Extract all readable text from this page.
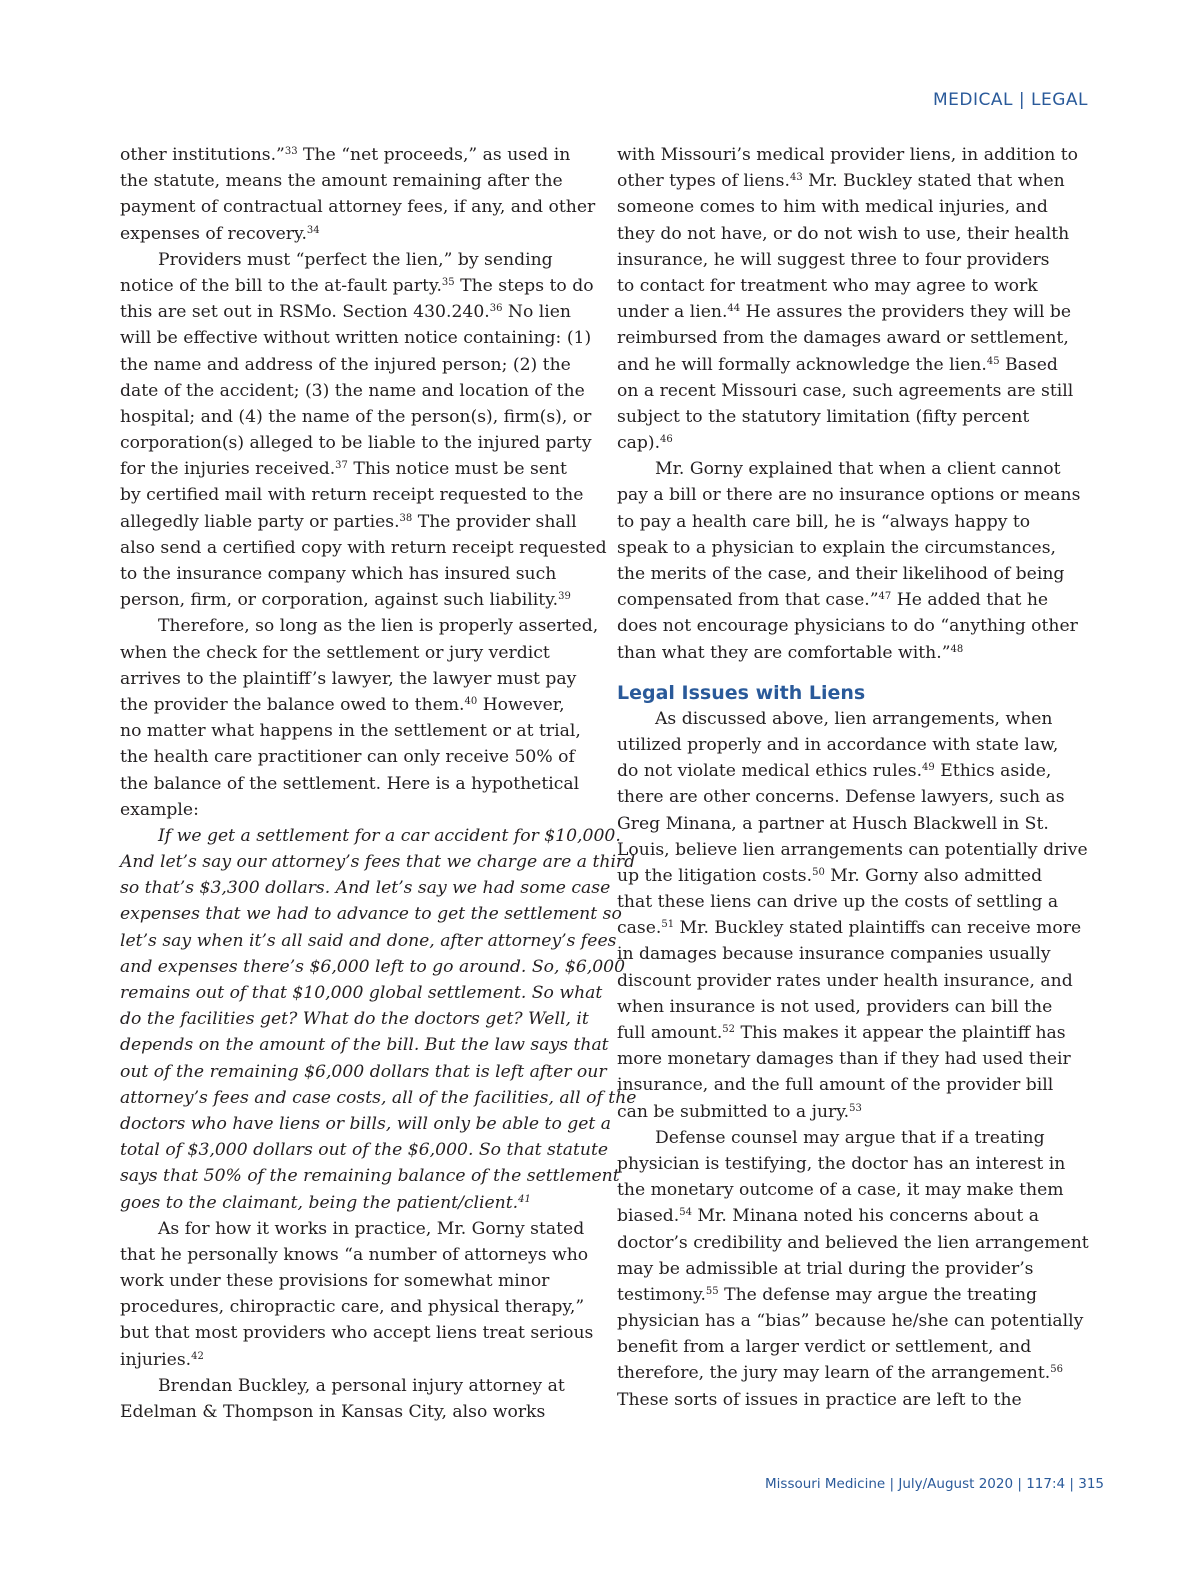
MEDICAL | LEGAL
other institutions.”$^{33}$ The “net proceeds,” as used in
the statute, means the amount remaining after the
payment of contractual attorney fees, if any, and other
expenses of recovery.$^{34}$
Providers must “perfect the lien,” by sending
notice of the bill to the at-fault party.$^{35}$ The steps to do
this are set out in RSMo. Section 430.240.36 No lien
will be effective without written notice containing: (1)
the name and address of the injured person; (2) the
date of the accident; (3) the name and location of the
hospital; and (4) the name of the person(s), firm(s), or
corporation(s) alleged to be liable to the injured party
for the injuries received.$^{37}$ This notice must be sent
by certified mail with return receipt requested to the
allegedly liable party or parties.$^{38}$ The provider shall
also send a certified copy with return receipt requested
to the insurance company which has insured such
person, firm, or corporation, against such liability.$^{39}$
Therefore, so long as the lien is properly asserted,
when the check for the settlement or jury verdict
arrives to the plaintiff’s lawyer, the lawyer must pay
the provider the balance owed to them.$^{40}$ However,
no matter what happens in the settlement or at trial,
the health care practitioner can only receive 50% of
the balance of the settlement. Here is a hypothetical
example:
If we get a settlement for a car accident for $10,000.
And let’s say our attorney’s fees that we charge are a third
so that’s $3,300 dollars. And let’s say we had some case
expenses that we had to advance to get the settlement so
let’s say when it’s all said and done, after attorney’s fees
and expenses there’s $6,000 left to go around. So, $6,000
remains out of that $10,000 global settlement. So what
do the facilities get? What do the doctors get? Well, it
depends on the amount of the bill. But the law says that
out of the remaining $6,000 dollars that is left after our
attorney’s fees and case costs, all of the facilities, all of the
doctors who have liens or bills, will only be able to get a
total of $3,000 dollars out of the $6,000. So that statute
says that 50% of the remaining balance of the settlement
goes to the claimant, being the patient/client.$^{41}$
As for how it works in practice, Mr. Gorny stated
that he personally knows “a number of attorneys who
work under these provisions for somewhat minor
procedures, chiropractic care, and physical therapy,”
but that most providers who accept liens treat serious
injuries.$^{42}$
Brendan Buckley, a personal injury attorney at
Edelman & Thompson in Kansas City, also works
with Missouri’s medical provider liens, in addition to
other types of liens.$^{43}$ Mr. Buckley stated that when
someone comes to him with medical injuries, and
they do not have, or do not wish to use, their health
insurance, he will suggest three to four providers
to contact for treatment who may agree to work
under a lien.$^{44}$ He assures the providers they will be
reimbursed from the damages award or settlement,
and he will formally acknowledge the lien.$^{45}$ Based
on a recent Missouri case, such agreements are still
subject to the statutory limitation (fifty percent
cap).$^{46}$
Mr. Gorny explained that when a client cannot
pay a bill or there are no insurance options or means
to pay a health care bill, he is “always happy to
speak to a physician to explain the circumstances,
the merits of the case, and their likelihood of being
compensated from that case.”$^{47}$ He added that he
does not encourage physicians to do “anything other
than what they are comfortable with.”$^{48}$
Legal Issues with Liens
As discussed above, lien arrangements, when
utilized properly and in accordance with state law,
do not violate medical ethics rules.$^{49}$ Ethics aside,
there are other concerns. Defense lawyers, such as
Greg Minana, a partner at Husch Blackwell in St.
Louis, believe lien arrangements can potentially drive
up the litigation costs.$^{50}$ Mr. Gorny also admitted
that these liens can drive up the costs of settling a
case.$^{51}$ Mr. Buckley stated plaintiffs can receive more
in damages because insurance companies usually
discount provider rates under health insurance, and
when insurance is not used, providers can bill the
full amount.$^{52}$ This makes it appear the plaintiff has
more monetary damages than if they had used their
insurance, and the full amount of the provider bill
can be submitted to a jury.$^{53}$
Defense counsel may argue that if a treating
physician is testifying, the doctor has an interest in
the monetary outcome of a case, it may make them
biased.$^{54}$ Mr. Minana noted his concerns about a
doctor’s credibility and believed the lien arrangement
may be admissible at trial during the provider’s
testimony.$^{55}$ The defense may argue the treating
physician has a “bias” because he/she can potentially
benefit from a larger verdict or settlement, and
therefore, the jury may learn of the arrangement.$^{56}$
These sorts of issues in practice are left to the
Missouri Medicine | July/August 2020 | 117:4 | 315
